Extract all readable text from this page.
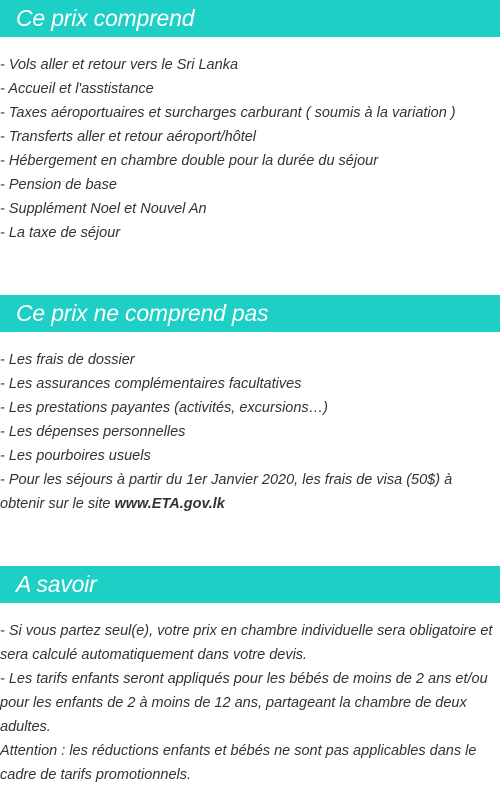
Ce prix comprend

- Vols aller et retour vers le Sri Lanka

- Accueil et l'asstistance

- Taxes aéroportuaires et surcharges carburant ( soumis à la variation )

- Transferts aller et retour aéroport/hôtel

- Hébergement en chambre double pour la durée du séjour

- Pension de base

- Supplément Noel et Nouvel An

- La taxe de séjour

Ce prix ne comprend pas

- Les frais de dossier

- Les assurances complémentaires facultatives

- Les prestations payantes (activités, excursions…)

- Les dépenses personnelles

- Les pourboires usuels

- Pour les séjours à partir du 1er Janvier 2020, les frais de visa (50$) à obtenir sur le site www.ETA.gov.lk

A savoir

- Si vous partez seul(e), votre prix en chambre individuelle sera obligatoire et sera calculé automatiquement dans votre devis.

- Les tarifs enfants seront appliqués pour les bébés de moins de 2 ans et/ou pour les enfants de 2 à moins de 12 ans, partageant la chambre de deux adultes.

Attention : les réductions enfants et bébés ne sont pas applicables dans le cadre de tarifs promotionnels.
